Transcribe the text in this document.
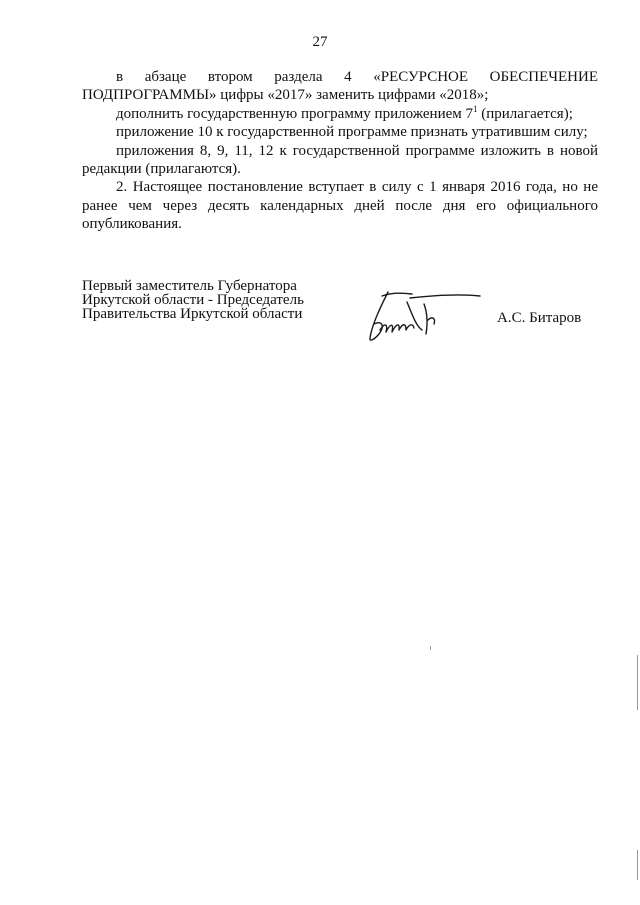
27

в абзаце втором раздела 4 «РЕСУРСНОЕ ОБЕСПЕЧЕНИЕ ПОДПРОГРАММЫ» цифры «2017» заменить цифрами «2018»;

дополнить государственную программу приложением $7^1$ (прилагается);

приложение 10 к государственной программе признать утратившим силу;

приложения 8, 9, 11, 12 к государственной программе изложить в новой редакции (прилагаются).

2. Настоящее постановление вступает в силу с 1 января 2016 года, но не ранее чем через десять календарных дней после дня его официального опубликования.

Первый заместитель Губернатора
Иркутской области - Председатель
Правительства Иркутской области	А.С. Битаров
